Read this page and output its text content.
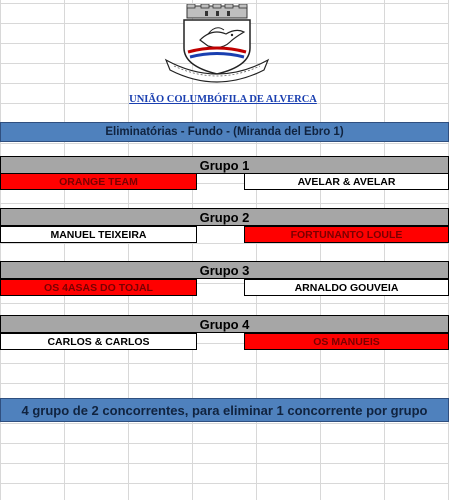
UNIÃO COLUMBÓFILA DE ALVERCA
Eliminatórias - Fundo - (Miranda del Ebro 1)
Grupo 1
ORANGE TEAM	AVELAR & AVELAR
Grupo 2
MANUEL TEIXEIRA	FORTUNANTO LOULE
Grupo 3
OS 4ASAS DO TOJAL	ARNALDO GOUVEIA
Grupo 4
CARLOS & CARLOS	OS MANUEIS
4 grupo de 2 concorrentes, para eliminar 1 concorrente por grupo
